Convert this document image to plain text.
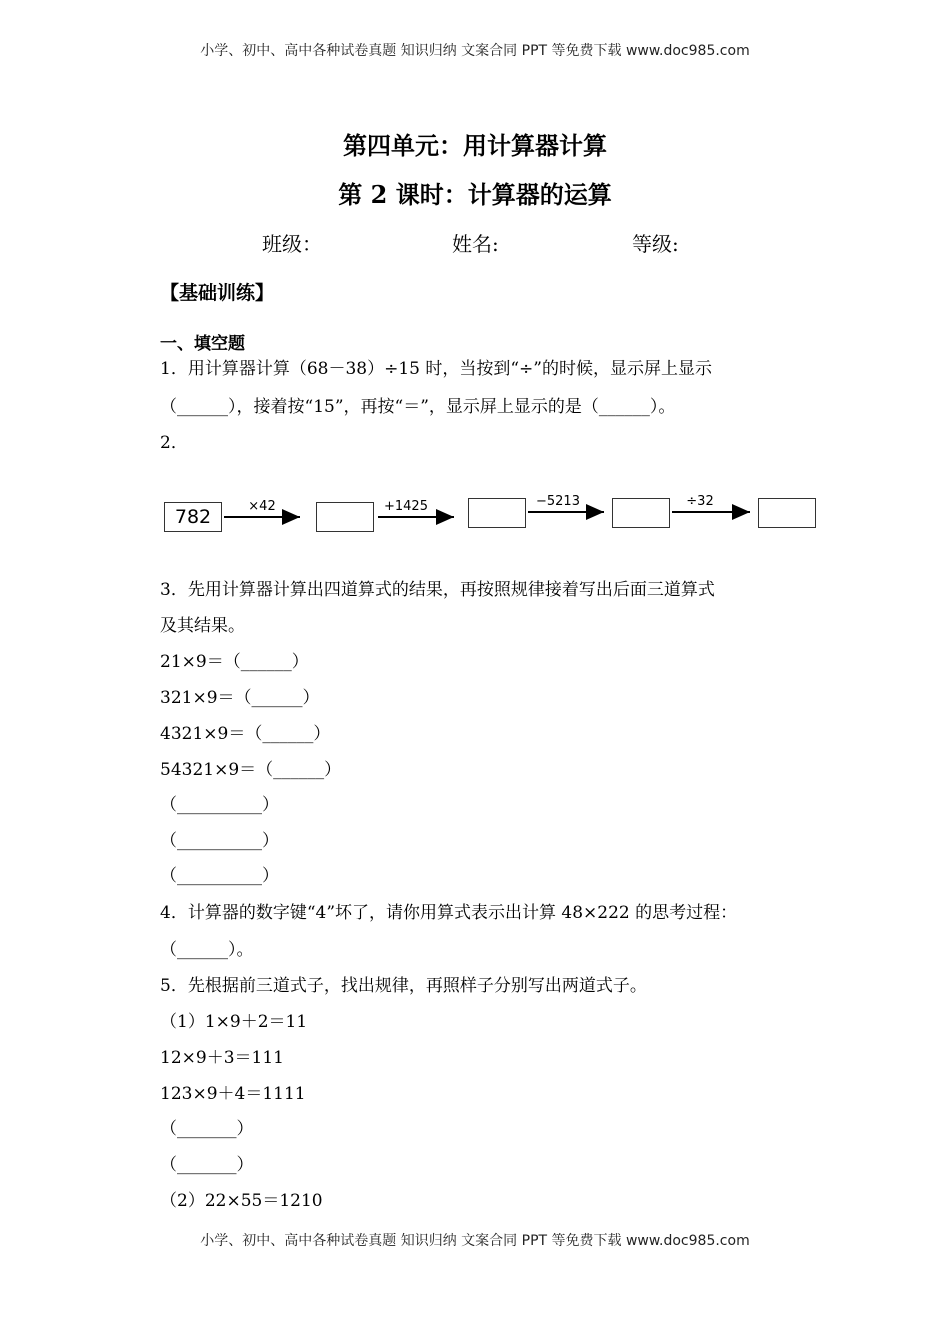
小学、初中、高中各种试卷真题 知识归纳 文案合同 PPT 等免费下载 www.doc985.com
第四单元：用计算器计算
第 2 课时：计算器的运算
班级：	姓名:	等级:
【基础训练】
一、填空题
1．用计算器计算（68－38）÷15 时，当按到“÷”的时候，显示屏上显示
（______），接着按“15”，再按“＝”，显示屏上显示的是（______）。
2．
782	×42	+1425	−5213	÷32
3．先用计算器计算出四道算式的结果，再按照规律接着写出后面三道算式
及其结果。
21×9＝（______）
321×9＝（______）
4321×9＝（______）
54321×9＝（______）
（__________）
（__________）
（__________）
4．计算器的数字键“4”坏了，请你用算式表示出计算 48×222 的思考过程：
（______）。
5．先根据前三道式子，找出规律，再照样子分别写出两道式子。
（1）1×9＋2＝11
12×9＋3＝111
123×9＋4＝1111
（_______）
（_______）
（2）22×55＝1210
小学、初中、高中各种试卷真题 知识归纳 文案合同 PPT 等免费下载 www.doc985.com
